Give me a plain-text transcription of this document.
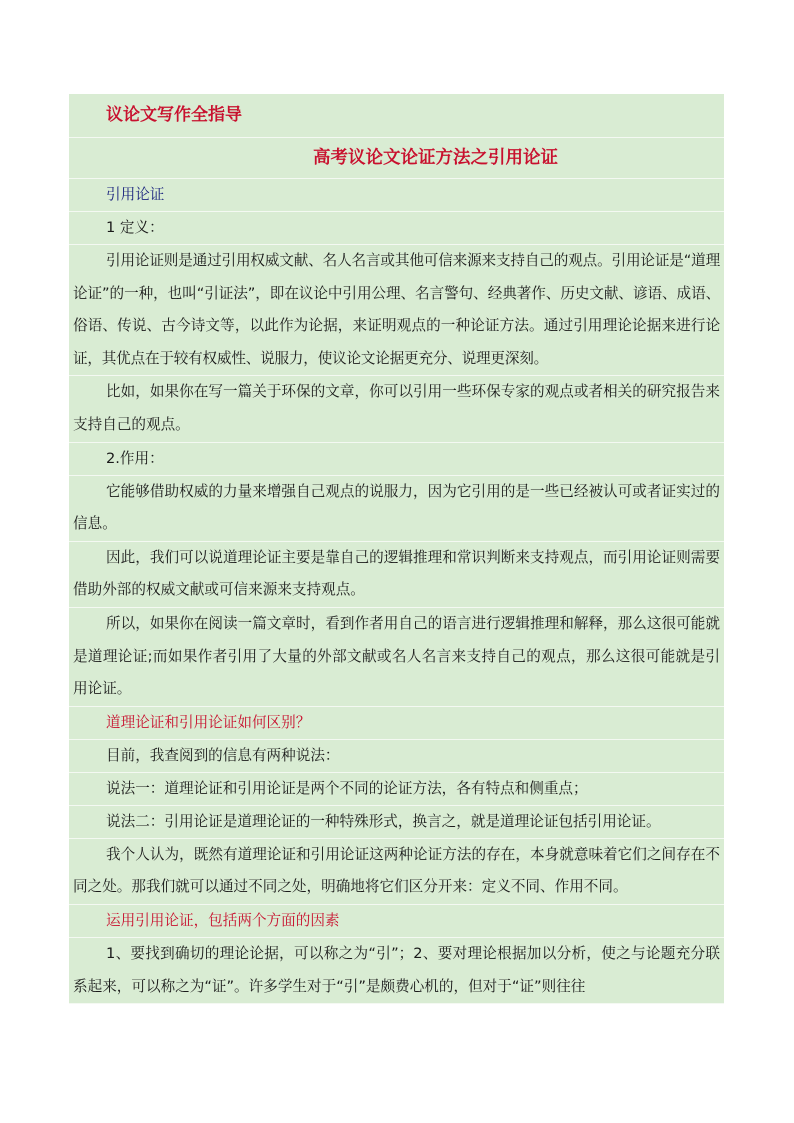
议论文写作全指导
高考议论文论证方法之引用论证
引用论证
1 定义：
引用论证则是通过引用权威文献、名人名言或其他可信来源来支持自己的观点。引用论证是“道理论证”的一种，也叫“引证法”，即在议论中引用公理、名言警句、经典著作、历史文献、谚语、成语、俗语、传说、古今诗文等，以此作为论据，来证明观点的一种论证方法。通过引用理论论据来进行论证，其优点在于较有权威性、说服力，使议论文论据更充分、说理更深刻。
比如，如果你在写一篇关于环保的文章，你可以引用一些环保专家的观点或者相关的研究报告来支持自己的观点。
2.作用：
它能够借助权威的力量来增强自己观点的说服力，因为它引用的是一些已经被认可或者证实过的信息。
因此，我们可以说道理论证主要是靠自己的逻辑推理和常识判断来支持观点，而引用论证则需要借助外部的权威文献或可信来源来支持观点。
所以，如果你在阅读一篇文章时，看到作者用自己的语言进行逻辑推理和解释，那么这很可能就是道理论证;而如果作者引用了大量的外部文献或名人名言来支持自己的观点，那么这很可能就是引用论证。
道理论证和引用论证如何区别？
目前，我查阅到的信息有两种说法：
说法一：道理论证和引用论证是两个不同的论证方法，各有特点和侧重点；
说法二：引用论证是道理论证的一种特殊形式，换言之，就是道理论证包括引用论证。
我个人认为，既然有道理论证和引用论证这两种论证方法的存在，本身就意味着它们之间存在不同之处。那我们就可以通过不同之处，明确地将它们区分开来：定义不同、作用不同。
运用引用论证，包括两个方面的因素
1、要找到确切的理论论据，可以称之为“引”；2、要对理论根据加以分析，使之与论题充分联系起来，可以称之为“证”。许多学生对于“引”是颇费心机的，但对于“证”则往往
